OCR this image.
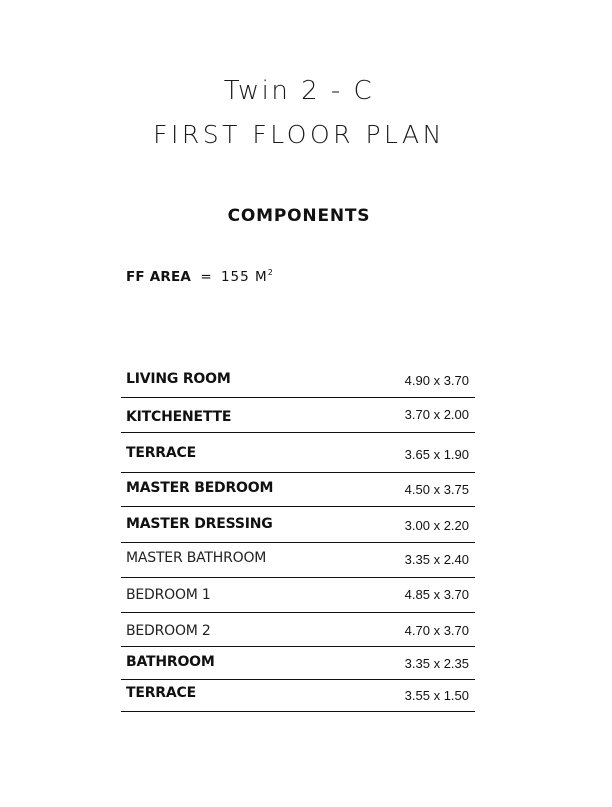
Twin 2 - C
FIRST FLOOR PLAN
COMPONENTS
FF AREA = 155 $M^2$
LIVING ROOM	4.90 x 3.70
KITCHENETTE	3.70 x 2.00
TERRACE	3.65 x 1.90
MASTER BEDROOM	4.50 x 3.75
MASTER DRESSING	3.00 x 2.20
MASTER BATHROOM	3.35 x 2.40
BEDROOM 1	4.85 x 3.70
BEDROOM 2	4.70 x 3.70
BATHROOM	3.35 x 2.35
TERRACE	3.55 x 1.50
